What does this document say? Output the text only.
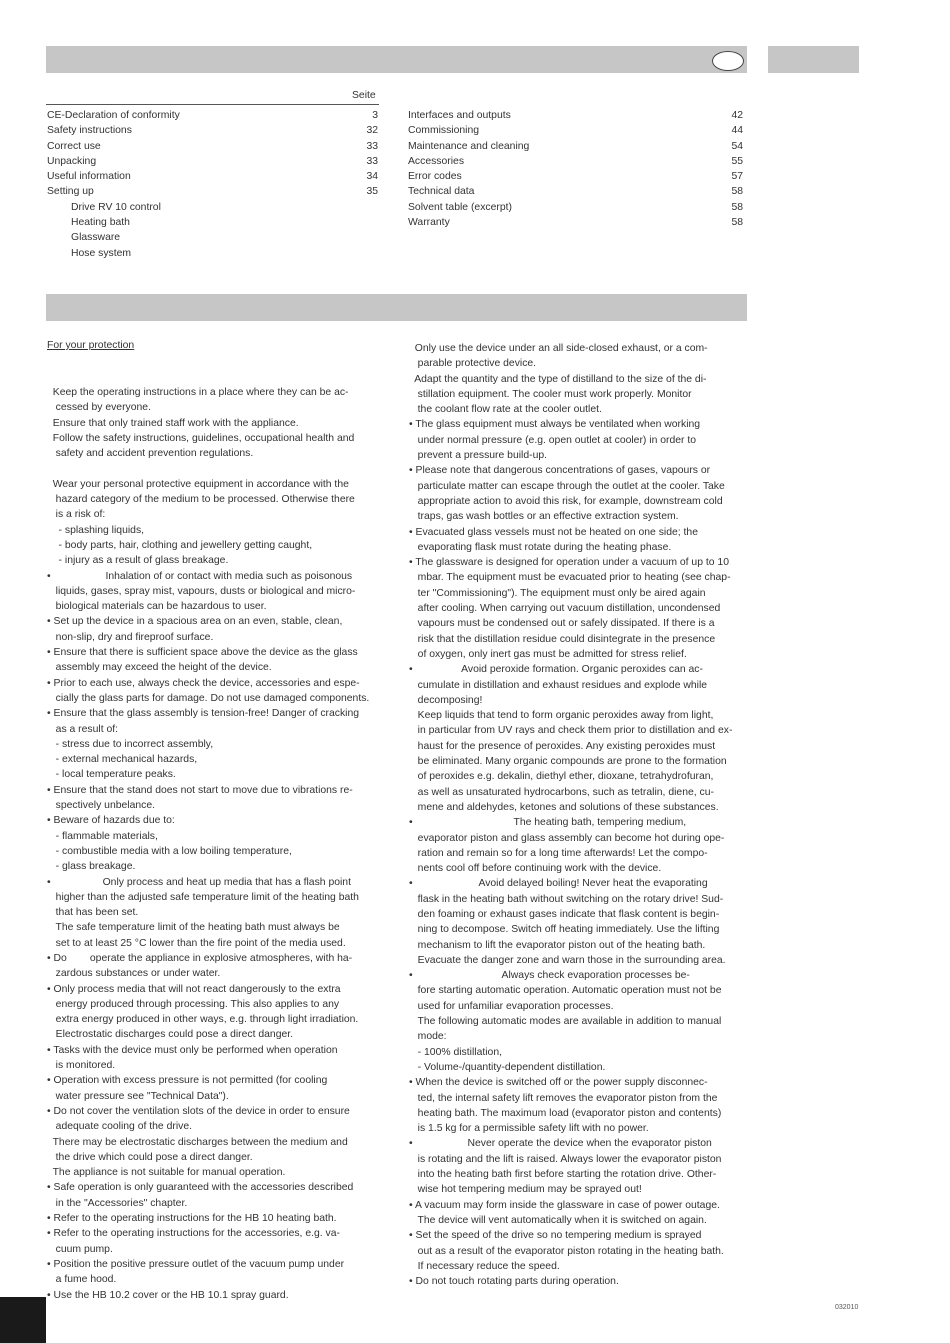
Seite
CE-Declaration of conformity	3
Safety instructions	32
Correct use	33
Unpacking	33
Useful information	34
Setting up	35
Drive RV 10 control
Heating bath
Glassware
Hose system
Interfaces and outputs	42
Commissioning	44
Maintenance and cleaning	54
Accessories	55
Error codes	57
Technical data	58
Solvent table (excerpt)	58
Warranty	58
For your protection
Keep the operating instructions in a place where they can be ac-
cessed by everyone.
Ensure that only trained staff work with the appliance.
Follow the safety instructions, guidelines, occupational health and
safety and accident prevention regulations.
Wear your personal protective equipment in accordance with the
hazard category of the medium to be processed. Otherwise there
is a risk of:
- splashing liquids,
- body parts, hair, clothing and jewellery getting caught,
- injury as a result of glass breakage.
•                   Inhalation of or contact with media such as poisonous
liquids, gases, spray mist, vapours, dusts or biological and micro-
biological materials can be hazardous to user.
• Set up the device in a spacious area on an even, stable, clean,
non-slip, dry and fireproof surface.
• Ensure that there is sufficient space above the device as the glass
assembly may exceed the height of the device.
• Prior to each use, always check the device, accessories and espe-
cially the glass parts for damage. Do not use damaged components.
• Ensure that the glass assembly is tension-free! Danger of cracking
as a result of:
- stress due to incorrect assembly,
- external mechanical hazards,
- local temperature peaks.
• Ensure that the stand does not start to move due to vibrations re-
spectively unbelance.
• Beware of hazards due to:
- flammable materials,
- combustible media with a low boiling temperature,
- glass breakage.
•                  Only process and heat up media that has a flash point
higher than the adjusted safe temperature limit of the heating bath
that has been set.
The safe temperature limit of the heating bath must always be
set to at least 25 °C lower than the fire point of the media used.
• Do        operate the appliance in explosive atmospheres, with ha-
zardous substances or under water.
• Only process media that will not react dangerously to the extra
energy produced through processing. This also applies to any
extra energy produced in other ways, e.g. through light irradiation.
Electrostatic discharges could pose a direct danger.
• Tasks with the device must only be performed when operation
is monitored.
• Operation with excess pressure is not permitted (for cooling
water pressure see "Technical Data").
• Do not cover the ventilation slots of the device in order to ensure
adequate cooling of the drive.
There may be electrostatic discharges between the medium and
the drive which could pose a direct danger.
The appliance is not suitable for manual operation.
• Safe operation is only guaranteed with the accessories described
in the "Accessories" chapter.
• Refer to the operating instructions for the HB 10 heating bath.
• Refer to the operating instructions for the accessories, e.g. va-
cuum pump.
• Position the positive pressure outlet of the vacuum pump under
a fume hood.
• Use the HB 10.2 cover or the HB 10.1 spray guard.
Only use the device under an all side-closed exhaust, or a com-
parable protective device.
Adapt the quantity and the type of distilland to the size of the di-
stillation equipment. The cooler must work properly. Monitor
the coolant flow rate at the cooler outlet.
• The glass equipment must always be ventilated when working
under normal pressure (e.g. open outlet at cooler) in order to
prevent a pressure build-up.
• Please note that dangerous concentrations of gases, vapours or
particulate matter can escape through the outlet at the cooler. Take
appropriate action to avoid this risk, for example, downstream cold
traps, gas wash bottles or an effective extraction system.
• Evacuated glass vessels must not be heated on one side; the
evaporating flask must rotate during the heating phase.
• The glassware is designed for operation under a vacuum of up to 10
mbar. The equipment must be evacuated prior to heating (see chap-
ter "Commissioning"). The equipment must only be aired again
after cooling. When carrying out vacuum distillation, uncondensed
vapours must be condensed out or safely dissipated. If there is a
risk that the distillation residue could disintegrate in the presence
of oxygen, only inert gas must be admitted for stress relief.
•                 Avoid peroxide formation. Organic peroxides can ac-
cumulate in distillation and exhaust residues and explode while
decomposing!
Keep liquids that tend to form organic peroxides away from light,
in particular from UV rays and check them prior to distillation and ex-
haust for the presence of peroxides. Any existing peroxides must
be eliminated. Many organic compounds are prone to the formation
of peroxides e.g. dekalin, diethyl ether, dioxane, tetrahydrofuran,
as well as unsaturated hydrocarbons, such as tetralin, diene, cu-
mene and aldehydes, ketones and solutions of these substances.
•                                   The heating bath, tempering medium,
evaporator piston and glass assembly can become hot during ope-
ration and remain so for a long time afterwards! Let the compo-
nents cool off before continuing work with the device.
•                       Avoid delayed boiling! Never heat the evaporating
flask in the heating bath without switching on the rotary drive! Sud-
den foaming or exhaust gases indicate that flask content is begin-
ning to decompose. Switch off heating immediately. Use the lifting
mechanism to lift the evaporator piston out of the heating bath.
Evacuate the danger zone and warn those in the surrounding area.
•                               Always check evaporation processes be-
fore starting automatic operation. Automatic operation must not be
used for unfamiliar evaporation processes.
The following automatic modes are available in addition to manual
mode:
- 100% distillation,
- Volume-/quantity-dependent distillation.
• When the device is switched off or the power supply disconnec-
ted, the internal safety lift removes the evaporator piston from the
heating bath. The maximum load (evaporator piston and contents)
is 1.5 kg for a permissible safety lift with no power.
•                   Never operate the device when the evaporator piston
is rotating and the lift is raised. Always lower the evaporator piston
into the heating bath first before starting the rotation drive. Other-
wise hot tempering medium may be sprayed out!
• A vacuum may form inside the glassware in case of power outage.
The device will vent automatically when it is switched on again.
• Set the speed of the drive so no tempering medium is sprayed
out as a result of the evaporator piston rotating in the heating bath.
If necessary reduce the speed.
• Do not touch rotating parts during operation.
032010
